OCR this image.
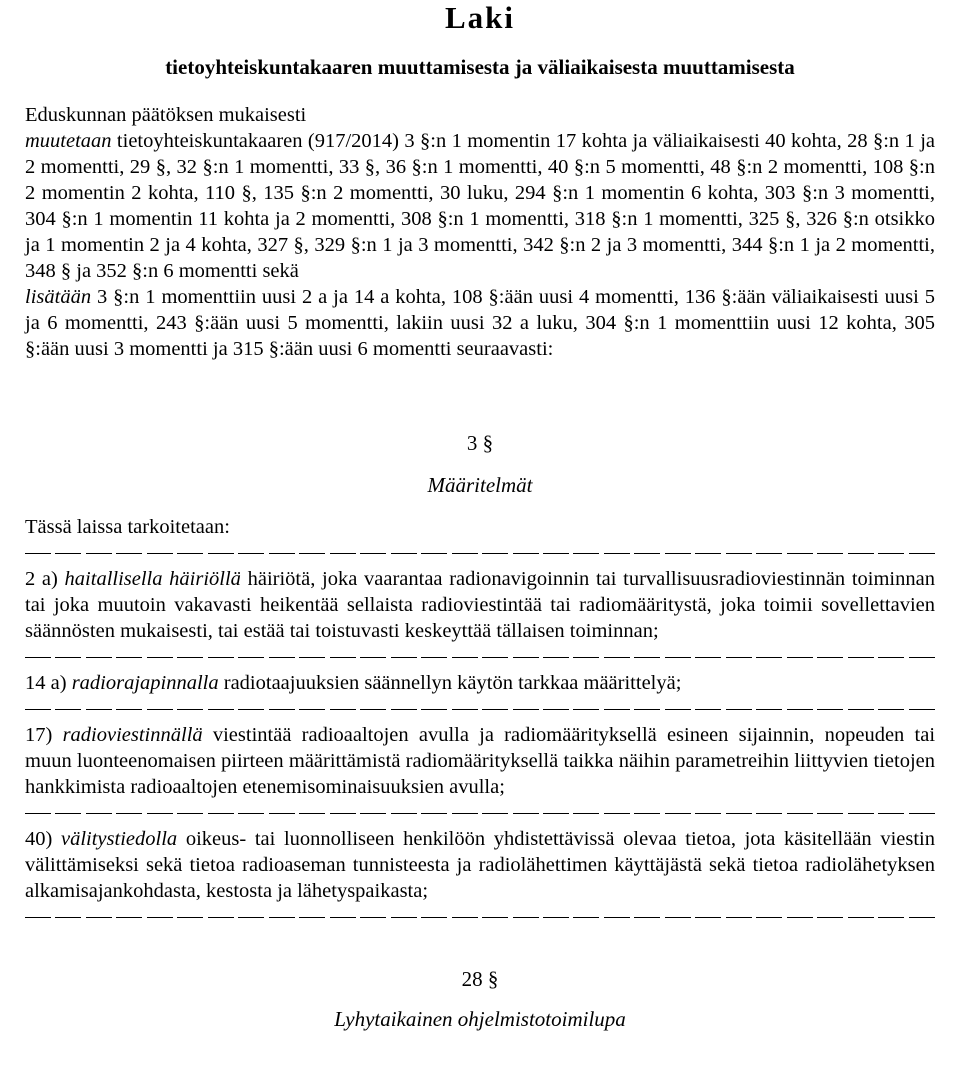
Laki

tietoyhteiskuntakaaren muuttamisesta ja väliaikaisesta muuttamisesta

Eduskunnan päätöksen mukaisesti

muutetaan tietoyhteiskuntakaaren (917/2014) 3 §:n 1 momentin 17 kohta ja väliaikaisesti 40 kohta, 28 §:n 1 ja 2 momentti, 29 §, 32 §:n 1 momentti, 33 §, 36 §:n 1 momentti, 40 §:n 5 momentti, 48 §:n 2 momentti, 108 §:n 2 momentin 2 kohta, 110 §, 135 §:n 2 momentti, 30 luku, 294 §:n 1 momentin 6 kohta, 303 §:n 3 momentti, 304 §:n 1 momentin 11 kohta ja 2 momentti, 308 §:n 1 momentti, 318 §:n 1 momentti, 325 §, 326 §:n otsikko ja 1 momentin 2 ja 4 kohta, 327 §, 329 §:n 1 ja 3 momentti, 342 §:n 2 ja 3 momentti, 344 §:n 1 ja 2 momentti, 348 § ja 352 §:n 6 momentti sekä

lisätään 3 §:n 1 momenttiin uusi 2 a ja 14 a kohta, 108 §:ään uusi 4 momentti, 136 §:ään väliaikaisesti uusi 5 ja 6 momentti, 243 §:ään uusi 5 momentti, lakiin uusi 32 a luku, 304 §:n 1 momenttiin uusi 12 kohta, 305 §:ään uusi 3 momentti ja 315 §:ään uusi 6 momentti seuraavasti:

3 §

Määritelmät

Tässä laissa tarkoitetaan:

2 a) haitallisella häiriöllä häiriötä, joka vaarantaa radionavigoinnin tai turvallisuusradioviestinnän toiminnan tai joka muutoin vakavasti heikentää sellaista radioviestintää tai radiomääritystä, joka toimii sovellettavien säännösten mukaisesti, tai estää tai toistuvasti keskeyttää tällaisen toiminnan;

14 a) radiorajapinnalla radiotaajuuksien säännellyn käytön tarkkaa määrittelyä;

17) radioviestinnällä viestintää radioaaltojen avulla ja radiomäärityksellä esineen sijainnin, nopeuden tai muun luonteenomaisen piirteen määrittämistä radiomäärityksellä taikka näihin parametreihin liittyvien tietojen hankkimista radioaaltojen etenemisominaisuuksien avulla;

40) välitystiedolla oikeus- tai luonnolliseen henkilöön yhdistettävissä olevaa tietoa, jota käsitellään viestin välittämiseksi sekä tietoa radioaseman tunnisteesta ja radiolähettimen käyttäjästä sekä tietoa radiolähetyksen alkamisajankohdasta, kestosta ja lähetyspaikasta;

28 §

Lyhytaikainen ohjelmistotoimilupa
